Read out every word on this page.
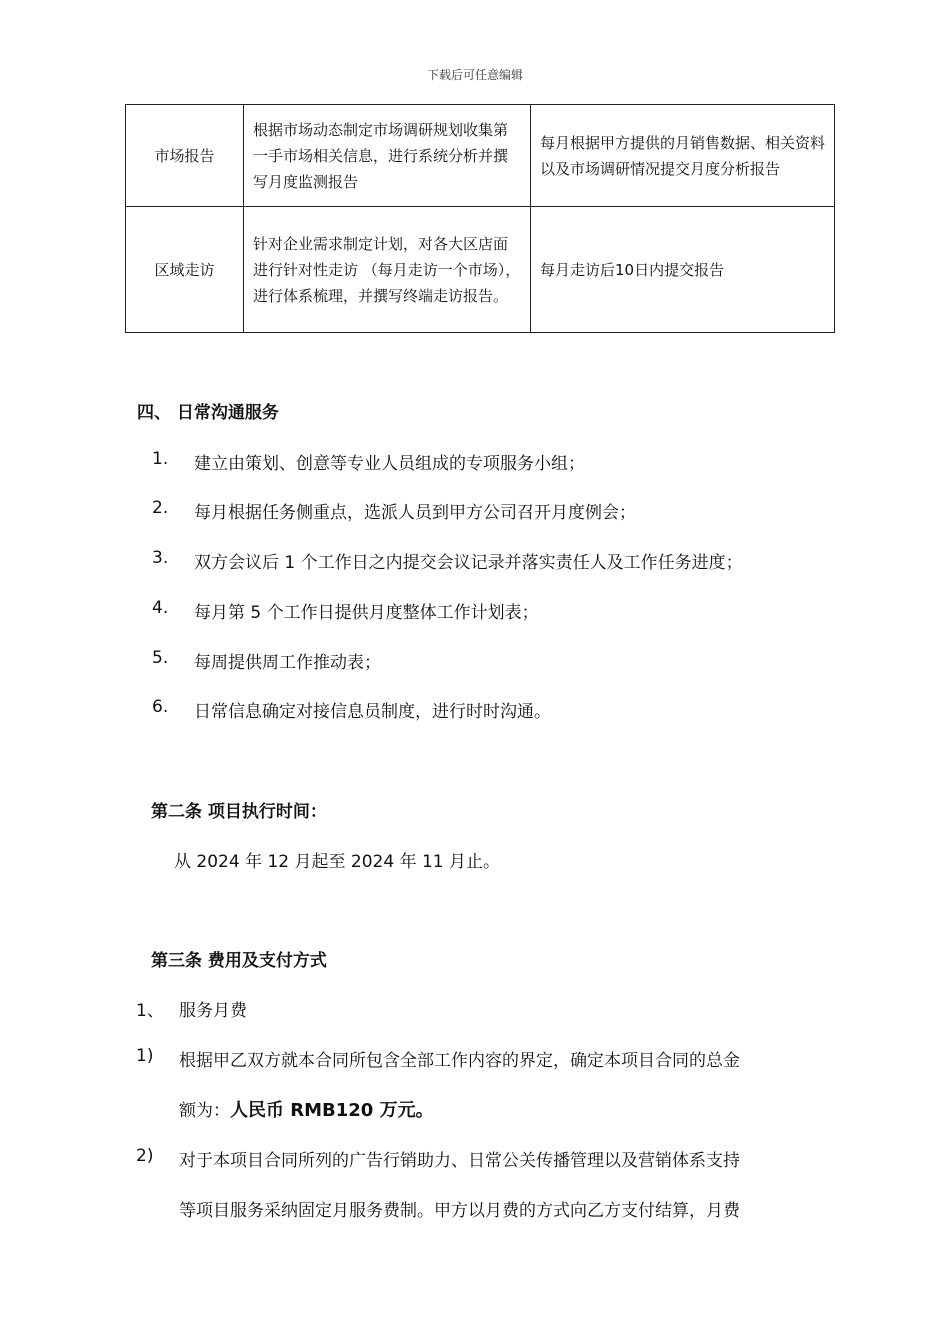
下载后可任意编辑
市场报告	根据市场动态制定市场调研规划收集第一手市场相关信息，进行系统分析并撰写月度监测报告	每月根据甲方提供的月销售数据、相关资料以及市场调研情况提交月度分析报告
区域走访	针对企业需求制定计划，对各大区店面进行针对性走访 （每月走访一个市场），进行体系梳理，并撰写终端走访报告。	每月走访后10日内提交报告
四、 日常沟通服务
1. 建立由策划、创意等专业人员组成的专项服务小组；
2. 每月根据任务侧重点，选派人员到甲方公司召开月度例会；
3. 双方会议后 1 个工作日之内提交会议记录并落实责任人及工作任务进度；
4. 每月第 5 个工作日提供月度整体工作计划表；
5. 每周提供周工作推动表；
6. 日常信息确定对接信息员制度，进行时时沟通。
第二条 项目执行时间：
从 2024 年 12 月起至 2024 年 11 月止。
第三条 费用及支付方式
1、 服务月费
1) 根据甲乙双方就本合同所包含全部工作内容的界定，确定本项目合同的总金
额为：人民币 RMB120 万元。
2) 对于本项目合同所列的广告行销助力、日常公关传播管理以及营销体系支持
等项目服务采纳固定月服务费制。甲方以月费的方式向乙方支付结算，月费
